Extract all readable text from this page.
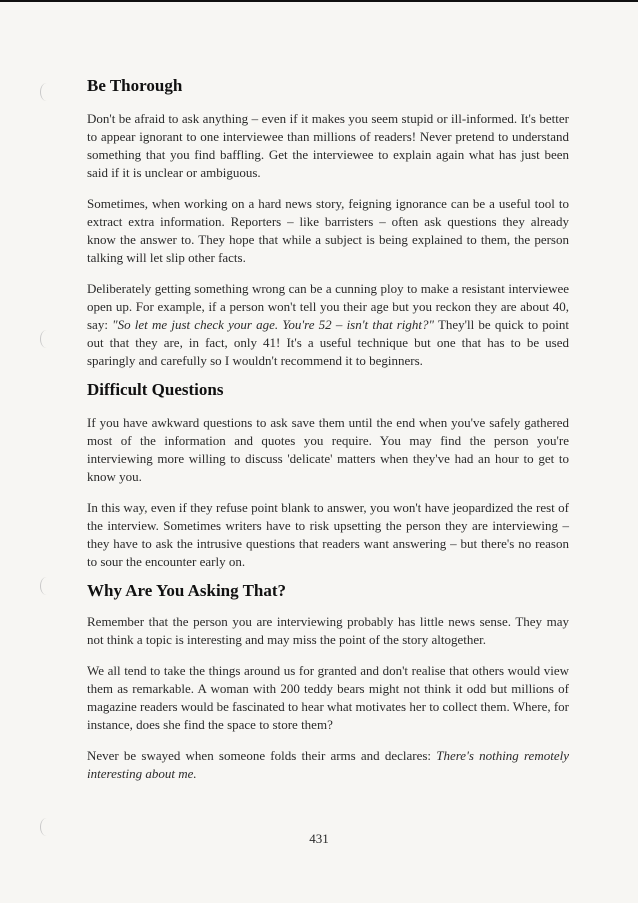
Be Thorough

Don't be afraid to ask anything – even if it makes you seem stupid or ill-informed. It's better to appear ignorant to one interviewee than millions of readers! Never pretend to understand something that you find baffling. Get the interviewee to explain again what has just been said if it is unclear or ambiguous.

Sometimes, when working on a hard news story, feigning ignorance can be a useful tool to extract extra information. Reporters – like barristers – often ask questions they already know the answer to. They hope that while a subject is being explained to them, the person talking will let slip other facts.

Deliberately getting something wrong can be a cunning ploy to make a resistant interviewee open up. For example, if a person won't tell you their age but you reckon they are about 40, say: "So let me just check your age. You're 52 – isn't that right?" They'll be quick to point out that they are, in fact, only 41! It's a useful technique but one that has to be used sparingly and carefully so I wouldn't recommend it to beginners.

Difficult Questions

If you have awkward questions to ask save them until the end when you've safely gathered most of the information and quotes you require. You may find the person you're interviewing more willing to discuss 'delicate' matters when they've had an hour to get to know you.

In this way, even if they refuse point blank to answer, you won't have jeopardized the rest of the interview. Sometimes writers have to risk upsetting the person they are interviewing – they have to ask the intrusive questions that readers want answering – but there's no reason to sour the encounter early on.

Why Are You Asking That?

Remember that the person you are interviewing probably has little news sense. They may not think a topic is interesting and may miss the point of the story altogether.

We all tend to take the things around us for granted and don't realise that others would view them as remarkable. A woman with 200 teddy bears might not think it odd but millions of magazine readers would be fascinated to hear what motivates her to collect them. Where, for instance, does she find the space to store them?

Never be swayed when someone folds their arms and declares: There's nothing remotely interesting about me.

431
